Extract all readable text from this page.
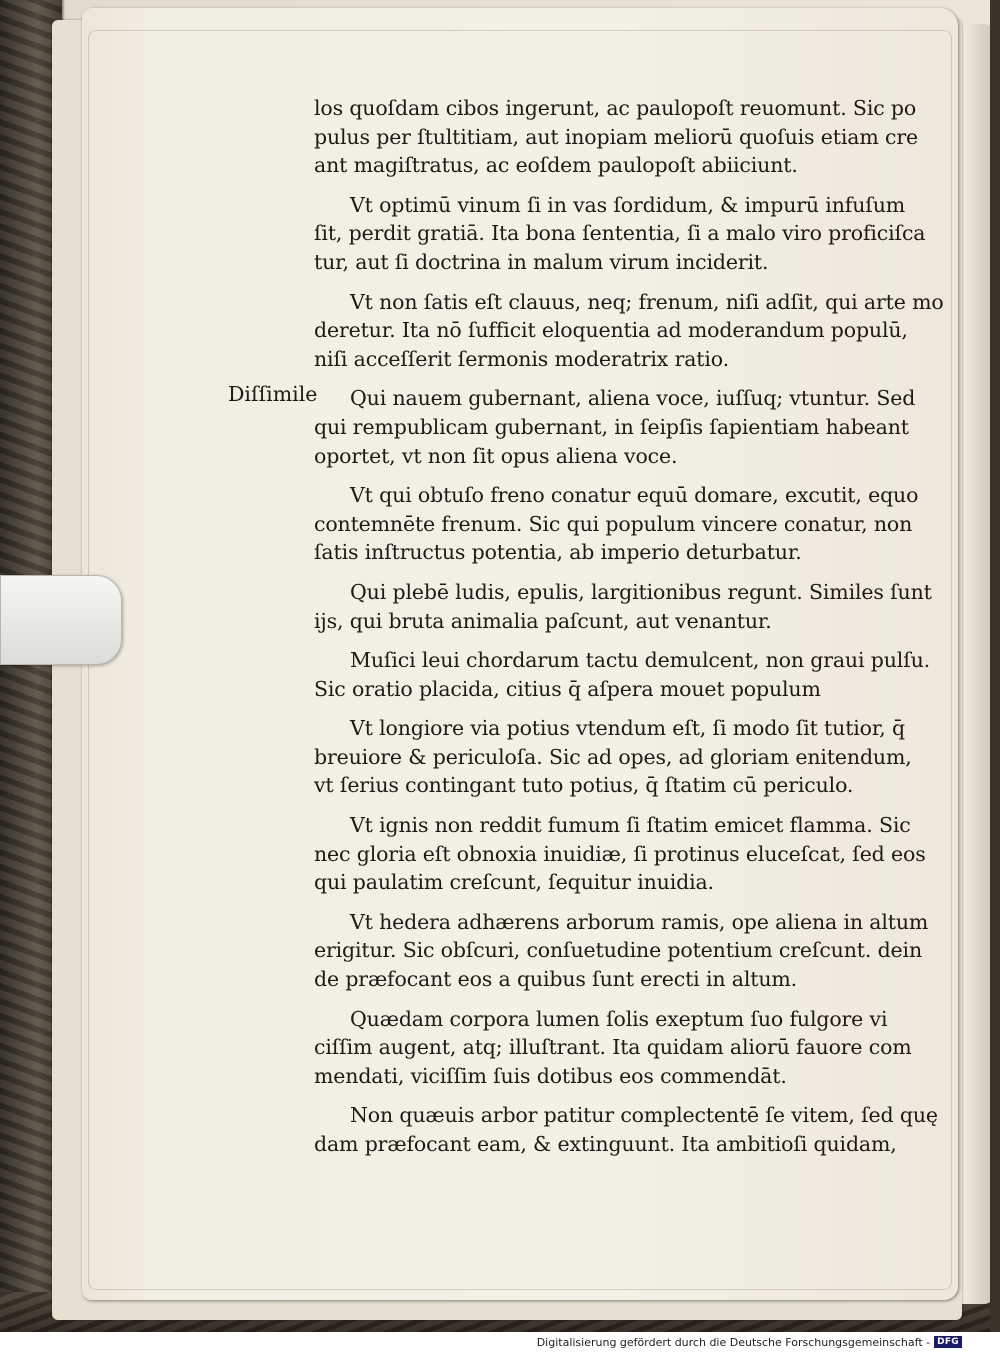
Diſſimile
los quoſdam cibos ingerunt, ac paulopoſt reuomunt. Sic po
pulus per ſtultitiam, aut inopiam meliorū quoſuis etiam cre
ant magiſtratus, ac eoſdem paulopoſt abiiciunt.
Vt optimū vinum ſi in vas ſordidum, & impurū infuſum
ſit, perdit gratiā. Ita bona ſententia, ſi a malo viro proficiſca
tur, aut ſi doctrina in malum virum inciderit.
Vt non ſatis eſt clauus, neq; frenum, niſi adſit, qui arte mo
deretur. Ita nō ſufficit eloquentia ad moderandum populū,
niſi acceſſerit ſermonis moderatrix ratio.
Qui nauem gubernant, aliena voce, iuſſuq; vtuntur. Sed
qui rempublicam gubernant, in ſeipſis ſapientiam habeant
oportet, vt non ſit opus aliena voce.
Vt qui obtuſo freno conatur equū domare, excutit, equo
contemnēte frenum. Sic qui populum vincere conatur, non
ſatis inſtructus potentia, ab imperio deturbatur.
Qui plebē ludis, epulis, largitionibus regunt. Similes ſunt
ijs, qui bruta animalia paſcunt, aut venantur.
Muſici leui chordarum tactu demulcent, non graui pulſu.
Sic oratio placida, citius q̄ aſpera mouet populum
Vt longiore via potius vtendum eſt, ſi modo ſit tutior, q̄
breuiore & periculoſa. Sic ad opes, ad gloriam enitendum,
vt ſerius contingant tuto potius, q̄ ſtatim cū periculo.
Vt ignis non reddit fumum ſi ſtatim emicet flamma. Sic
nec gloria eſt obnoxia inuidiæ, ſi protinus eluceſcat, ſed eos
qui paulatim creſcunt, ſequitur inuidia.
Vt hedera adhærens arborum ramis, ope aliena in altum
erigitur. Sic obſcuri, conſuetudine potentium creſcunt. dein
de præfocant eos a quibus ſunt erecti in altum.
Quædam corpora lumen ſolis exeptum ſuo fulgore vi
ciſſim augent, atq; illuſtrant. Ita quidam aliorū fauore com
mendati, viciſſim ſuis dotibus eos commendāt.
Non quæuis arbor patitur complectentē ſe vitem, ſed quę
dam præfocant eam, & extinguunt. Ita ambitioſi quidam,
Digitalisierung gefördert durch die Deutsche Forschungsgemeinschaft - DFG
